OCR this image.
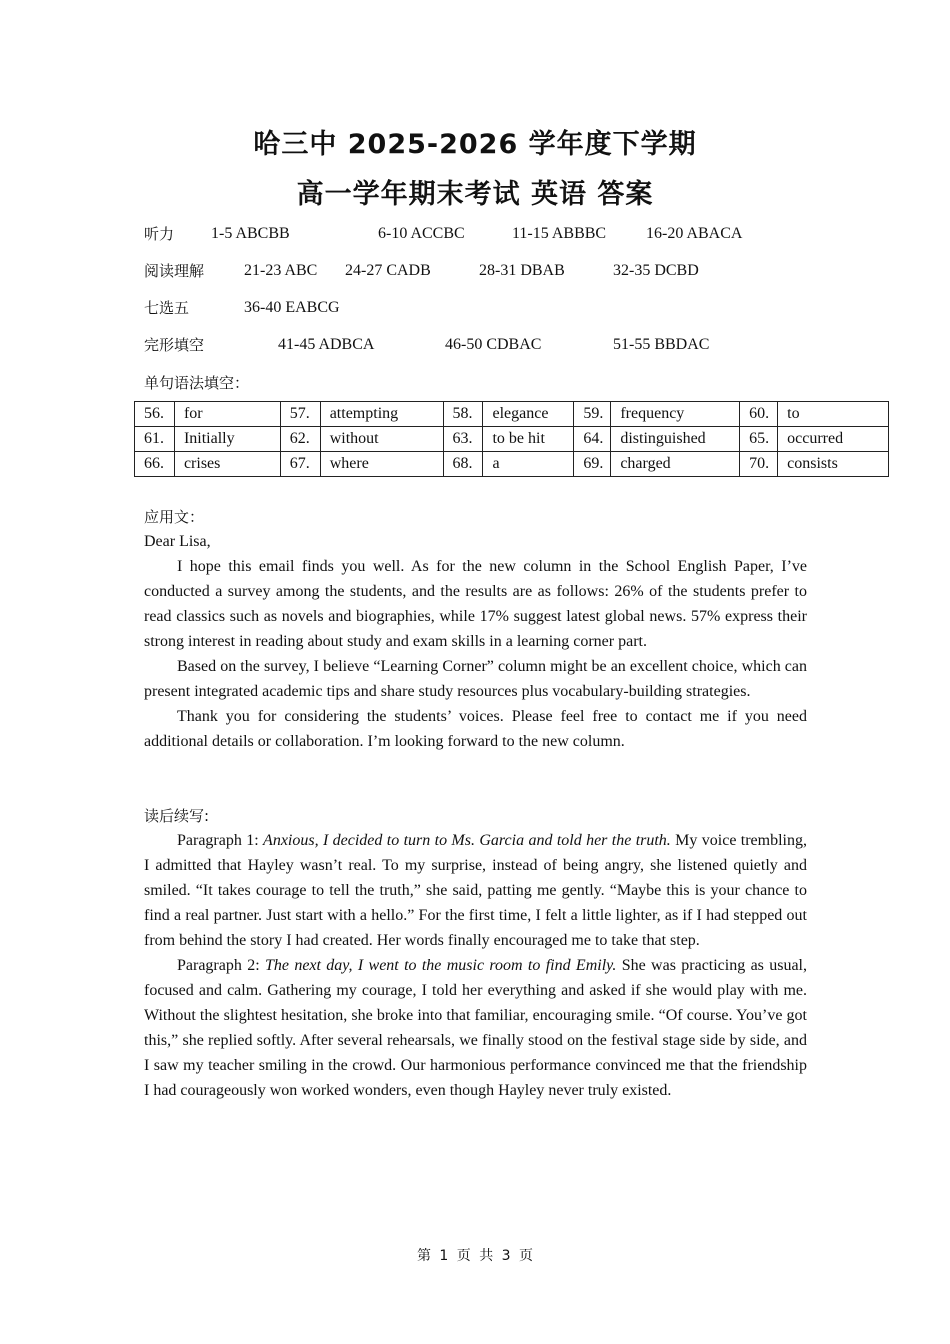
哈三中 2025-2026 学年度下学期
高一学年期末考试 英语 答案
听力 1-5 ABCBB	6-10 ACCBC	11-15 ABBBC 16-20 ABACA
阅读理解 21-23 ABC 24-27 CADB	28-31 DBAB	32-35 DCBD
七选五	36-40 EABCG
完形填空	41-45 ADBCA	46-50 CDBAC	51-55 BBDAC
单句语法填空：
56.	for	57.	attempting	58.	elegance	59.	frequency	60.	to
61.	Initially	62.	without	63.	to be hit	64.	distinguished	65.	occurred
66.	crises	67.	where	68.	a	69.	charged	70.	consists
应用文：

Dear Lisa,

I hope this email finds you well. As for the new column in the School English Paper, I’ve conducted a survey among the students, and the results are as follows: 26% of the students prefer to read classics such as novels and biographies, while 17% suggest latest global news. 57% express their strong interest in reading about study and exam skills in a learning corner part.

Based on the survey, I believe “Learning Corner” column might be an excellent choice, which can present integrated academic tips and share study resources plus vocabulary-building strategies.

Thank you for considering the students’ voices. Please feel free to contact me if you need additional details or collaboration. I’m looking forward to the new column.

读后续写:

Paragraph 1: Anxious, I decided to turn to Ms. Garcia and told her the truth. My voice trembling, I admitted that Hayley wasn’t real. To my surprise, instead of being angry, she listened quietly and smiled. “It takes courage to tell the truth,” she said, patting me gently. “Maybe this is your chance to find a real partner. Just start with a hello.” For the first time, I felt a little lighter, as if I had stepped out from behind the story I had created. Her words finally encouraged me to take that step.

Paragraph 2: The next day, I went to the music room to find Emily. She was practicing as usual, focused and calm. Gathering my courage, I told her everything and asked if she would play with me. Without the slightest hesitation, she broke into that familiar, encouraging smile. “Of course. You’ve got this,” she replied softly. After several rehearsals, we finally stood on the festival stage side by side, and I saw my teacher smiling in the crowd. Our harmonious performance convinced me that the friendship I had courageously won worked wonders, even though Hayley never truly existed.

第 1 页 共 3 页
